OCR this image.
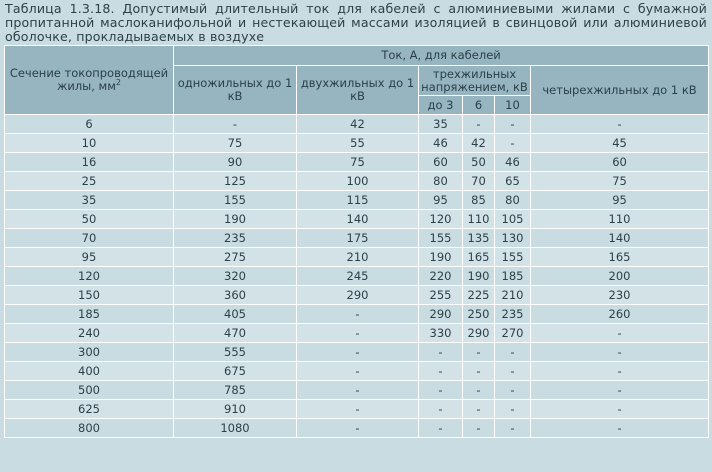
Таблица 1.3.18. Допустимый длительный ток для кабелей с алюминиевыми жилами с бумажной пропитанной маслоканифольной и нестекающей массами изоляцией в свинцовой или алюминиевой оболочке, прокладываемых в воздухе
Сечение токопроводящей жилы, $мм^2$	Ток, А, для кабелей					
	одножильных до 1 кВ	двухжильных до 1 кВ	трехжильных напряжением, кВ			четырехжильных до 1 кВ
			до 3	6	10	
6	-	42	35	-	-	-
10	75	55	46	42	-	45
16	90	75	60	50	46	60
25	125	100	80	70	65	75
35	155	115	95	85	80	95
50	190	140	120	110	105	110
70	235	175	155	135	130	140
95	275	210	190	165	155	165
120	320	245	220	190	185	200
150	360	290	255	225	210	230
185	405	-	290	250	235	260
240	470	-	330	290	270	-
300	555	-	-	-	-	-
400	675	-	-	-	-	-
500	785	-	-	-	-	-
625	910	-	-	-	-	-
800	1080	-	-	-	-	-
